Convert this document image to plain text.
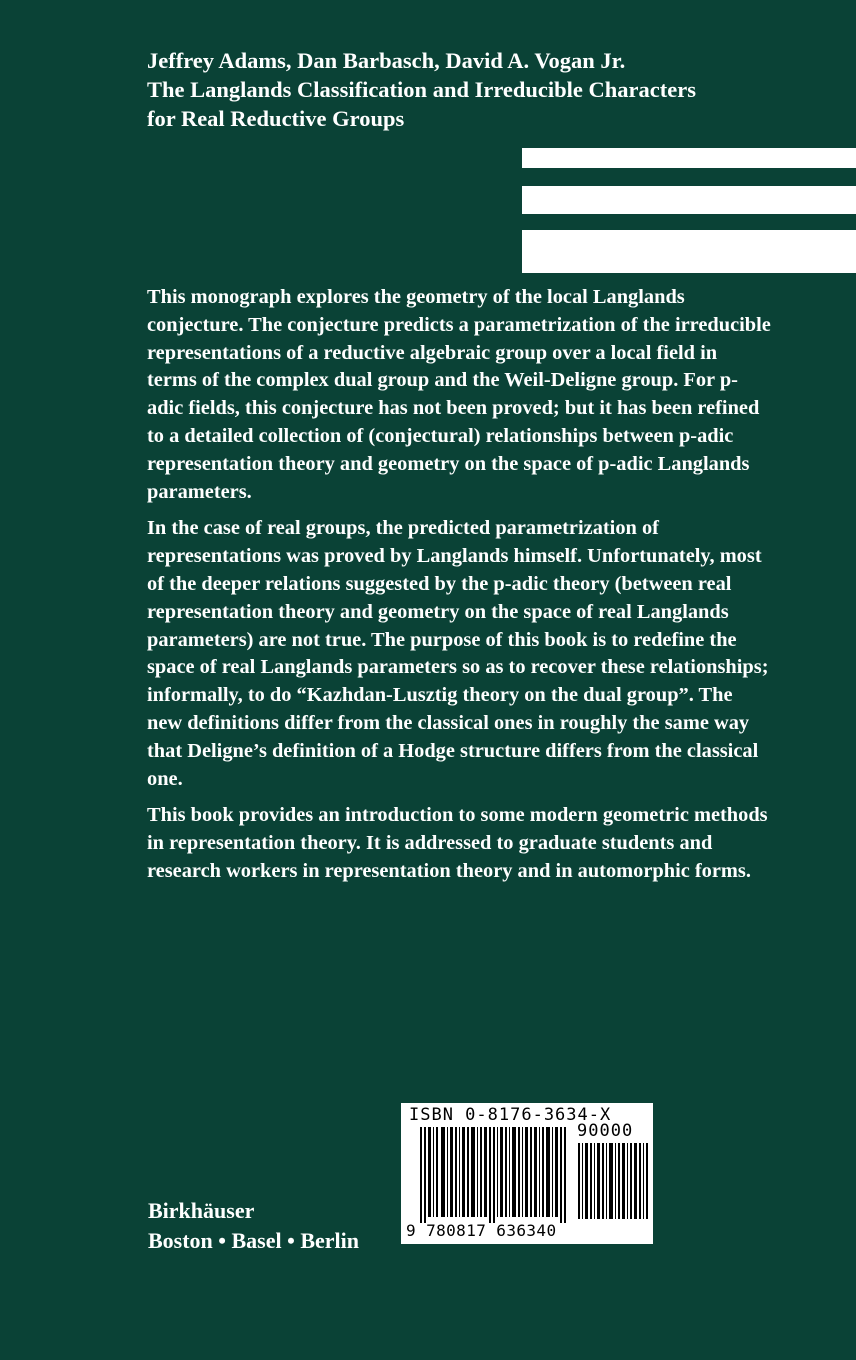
Jeffrey Adams, Dan Barbasch, David A. Vogan Jr.
The Langlands Classification and Irreducible Characters
for Real Reductive Groups

This monograph explores the geometry of the local Langlands conjecture. The conjecture predicts a parametrization of the irreducible representations of a reductive algebraic group over a local field in terms of the complex dual group and the Weil-Deligne group. For p-adic fields, this conjecture has not been proved; but it has been refined to a detailed collection of (conjectural) relationships between p-adic representation theory and geometry on the space of p-adic Langlands parameters.

In the case of real groups, the predicted parametrization of representations was proved by Langlands himself. Unfortunately, most of the deeper relations suggested by the p-adic theory (between real representation theory and geometry on the space of real Langlands parameters) are not true. The purpose of this book is to redefine the space of real Langlands parameters so as to recover these relationships; informally, to do “Kazhdan-Lusztig theory on the dual group”. The new definitions differ from the classical ones in roughly the same way that Deligne’s definition of a Hodge structure differs from the classical one.

This book provides an introduction to some modern geometric methods in representation theory. It is addressed to graduate students and research workers in representation theory and in automorphic forms.

Birkhäuser
Boston • Basel • Berlin
ISBN 0-8176-3634-X
90000
9 780817 636340
